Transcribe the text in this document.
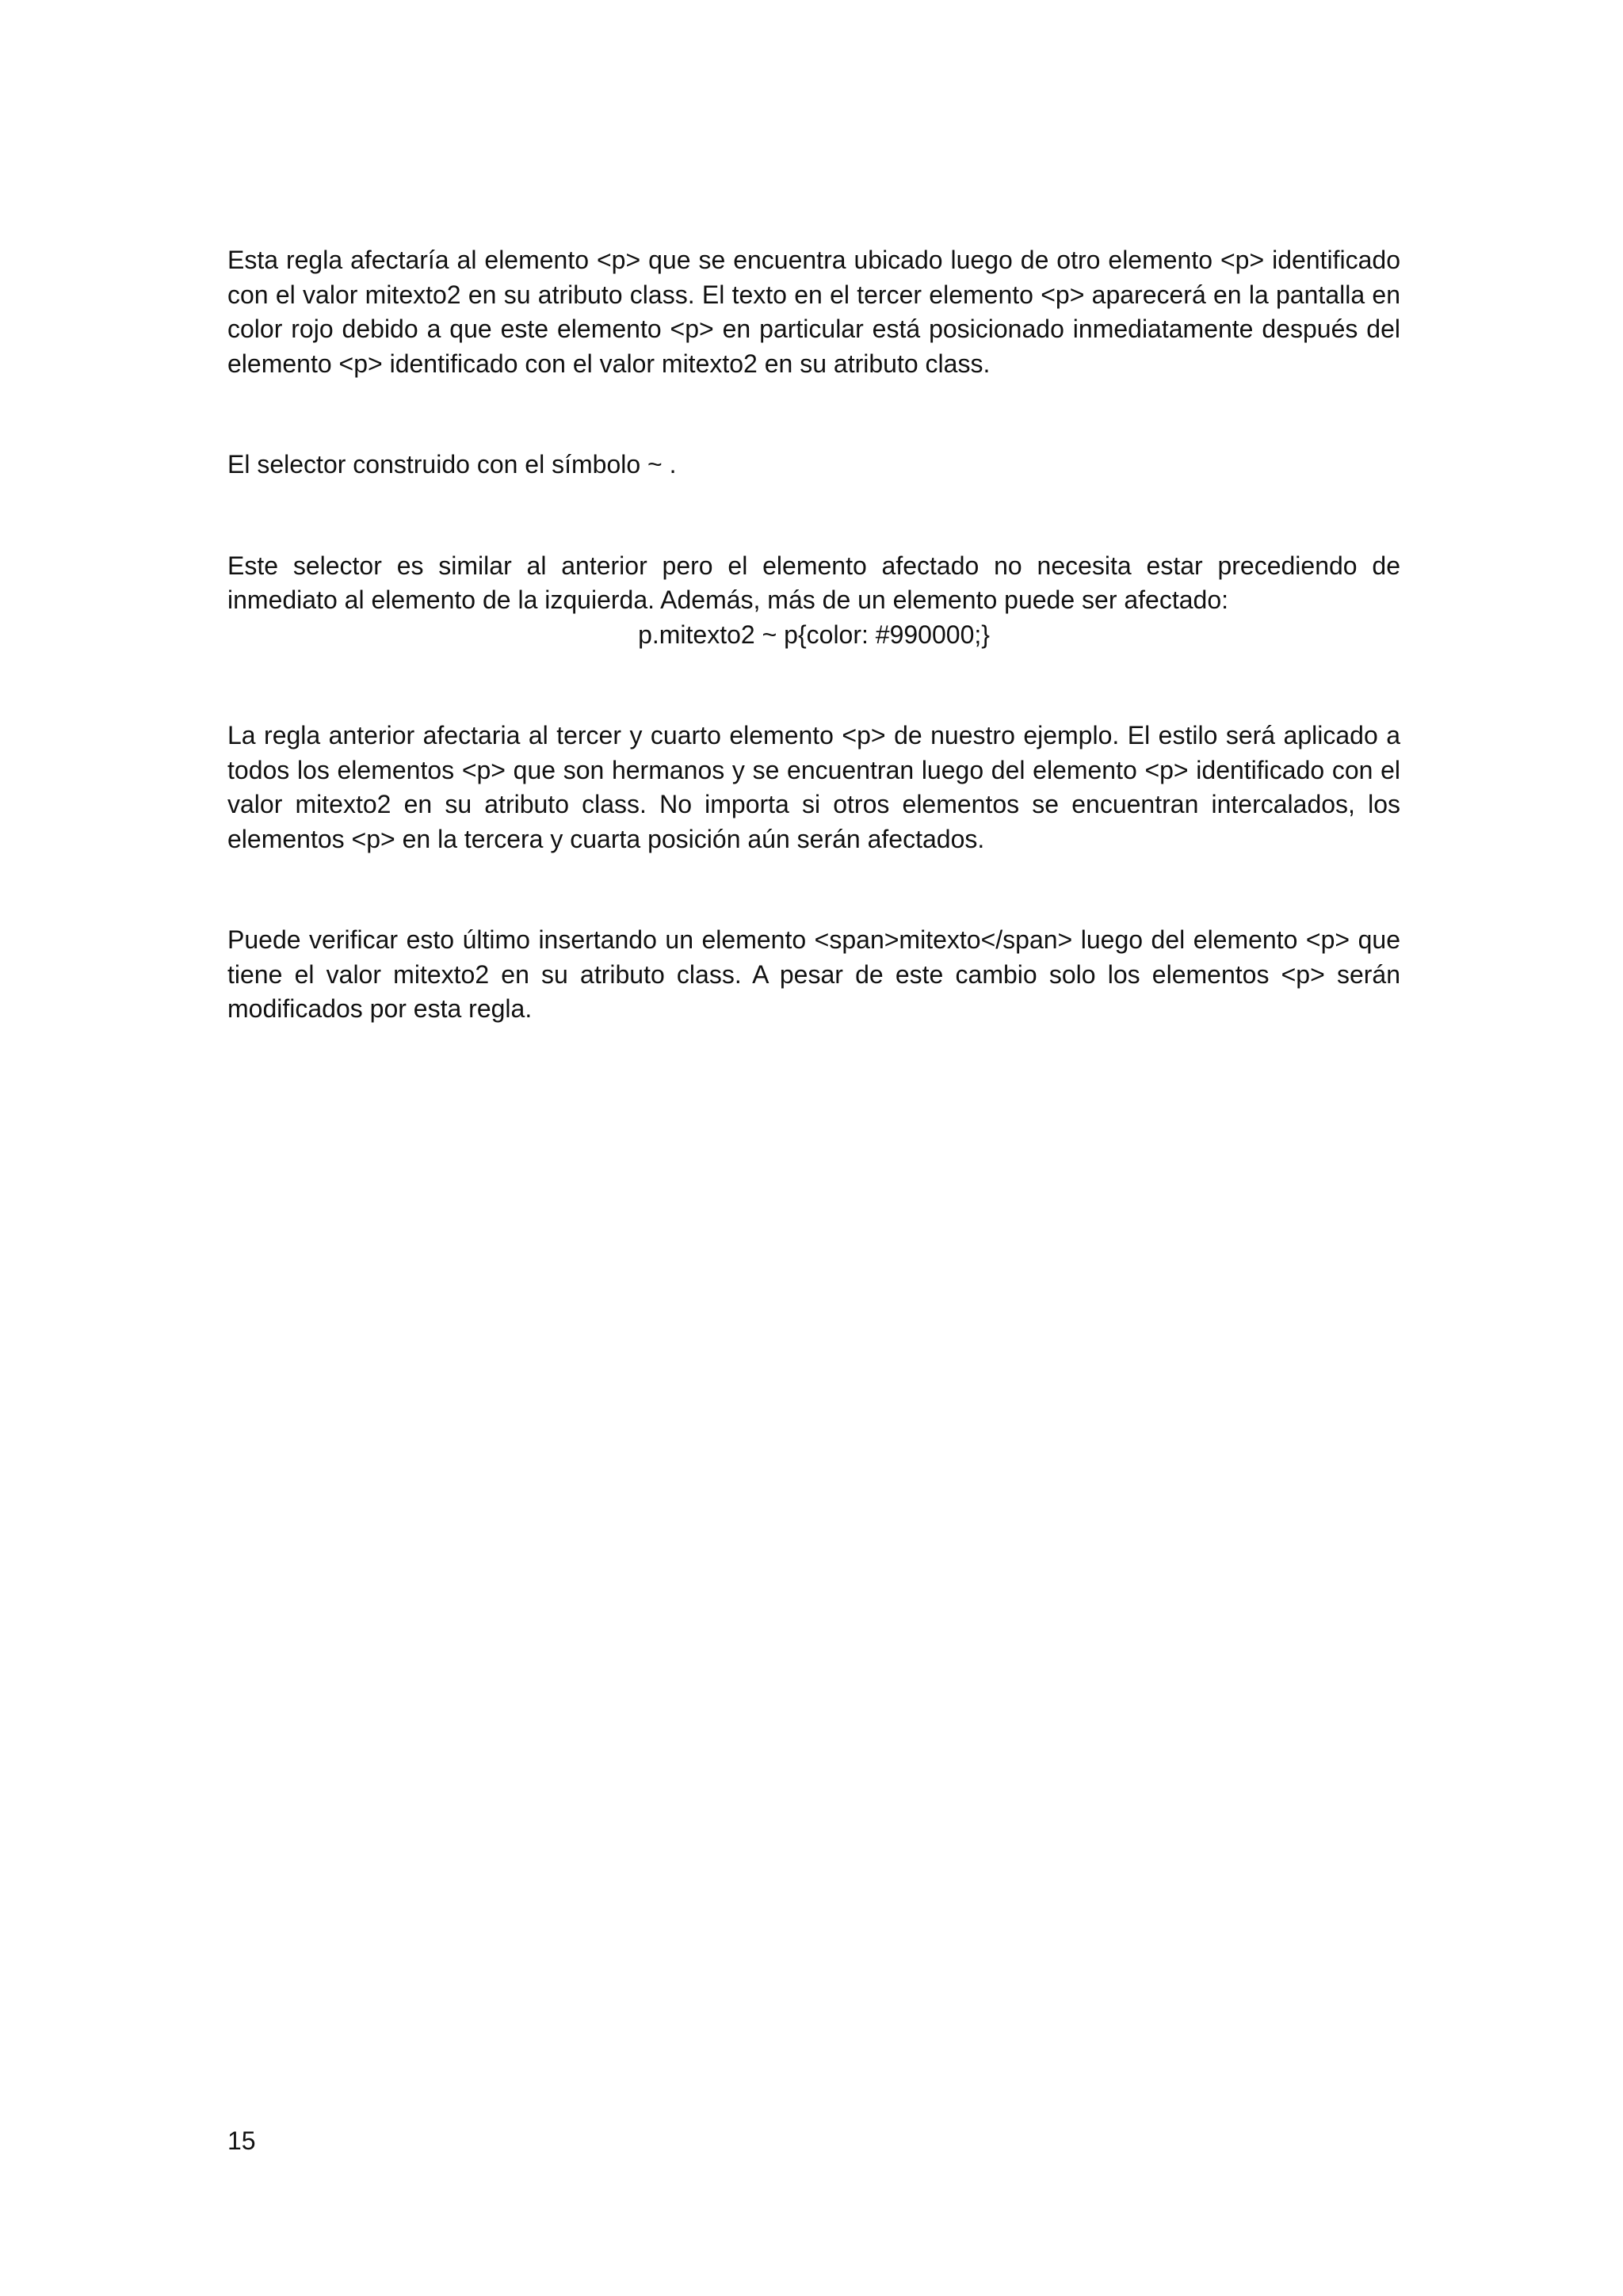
Esta regla afectaría al elemento <p> que se encuentra ubicado luego de otro elemento <p> identificado con el valor mitexto2 en su atributo class. El texto en el tercer elemento <p> aparecerá en la pantalla en color rojo debido a que este elemento <p> en particular está posicionado inmediatamente después del elemento <p> identificado con el valor mitexto2 en su atributo class.

El selector construido con el símbolo ~ .

Este selector es similar al anterior pero el elemento afectado no necesita estar precediendo de inmediato al elemento de la izquierda. Además, más de un elemento puede ser afectado:

p.mitexto2 ~ p{color: #990000;}

La regla anterior afectaria al tercer y cuarto elemento <p> de nuestro ejemplo. El estilo será aplicado a todos los elementos <p> que son hermanos y se encuentran luego del elemento <p> identificado con el valor mitexto2 en su atributo class. No importa si otros elementos se encuentran intercalados, los elementos <p> en la tercera y cuarta posición aún serán afectados.

Puede verificar esto último insertando un elemento <span>mitexto</span> luego del elemento <p> que tiene el valor mitexto2 en su atributo class. A pesar de este cambio solo los elementos <p> serán modificados por esta regla.

15
